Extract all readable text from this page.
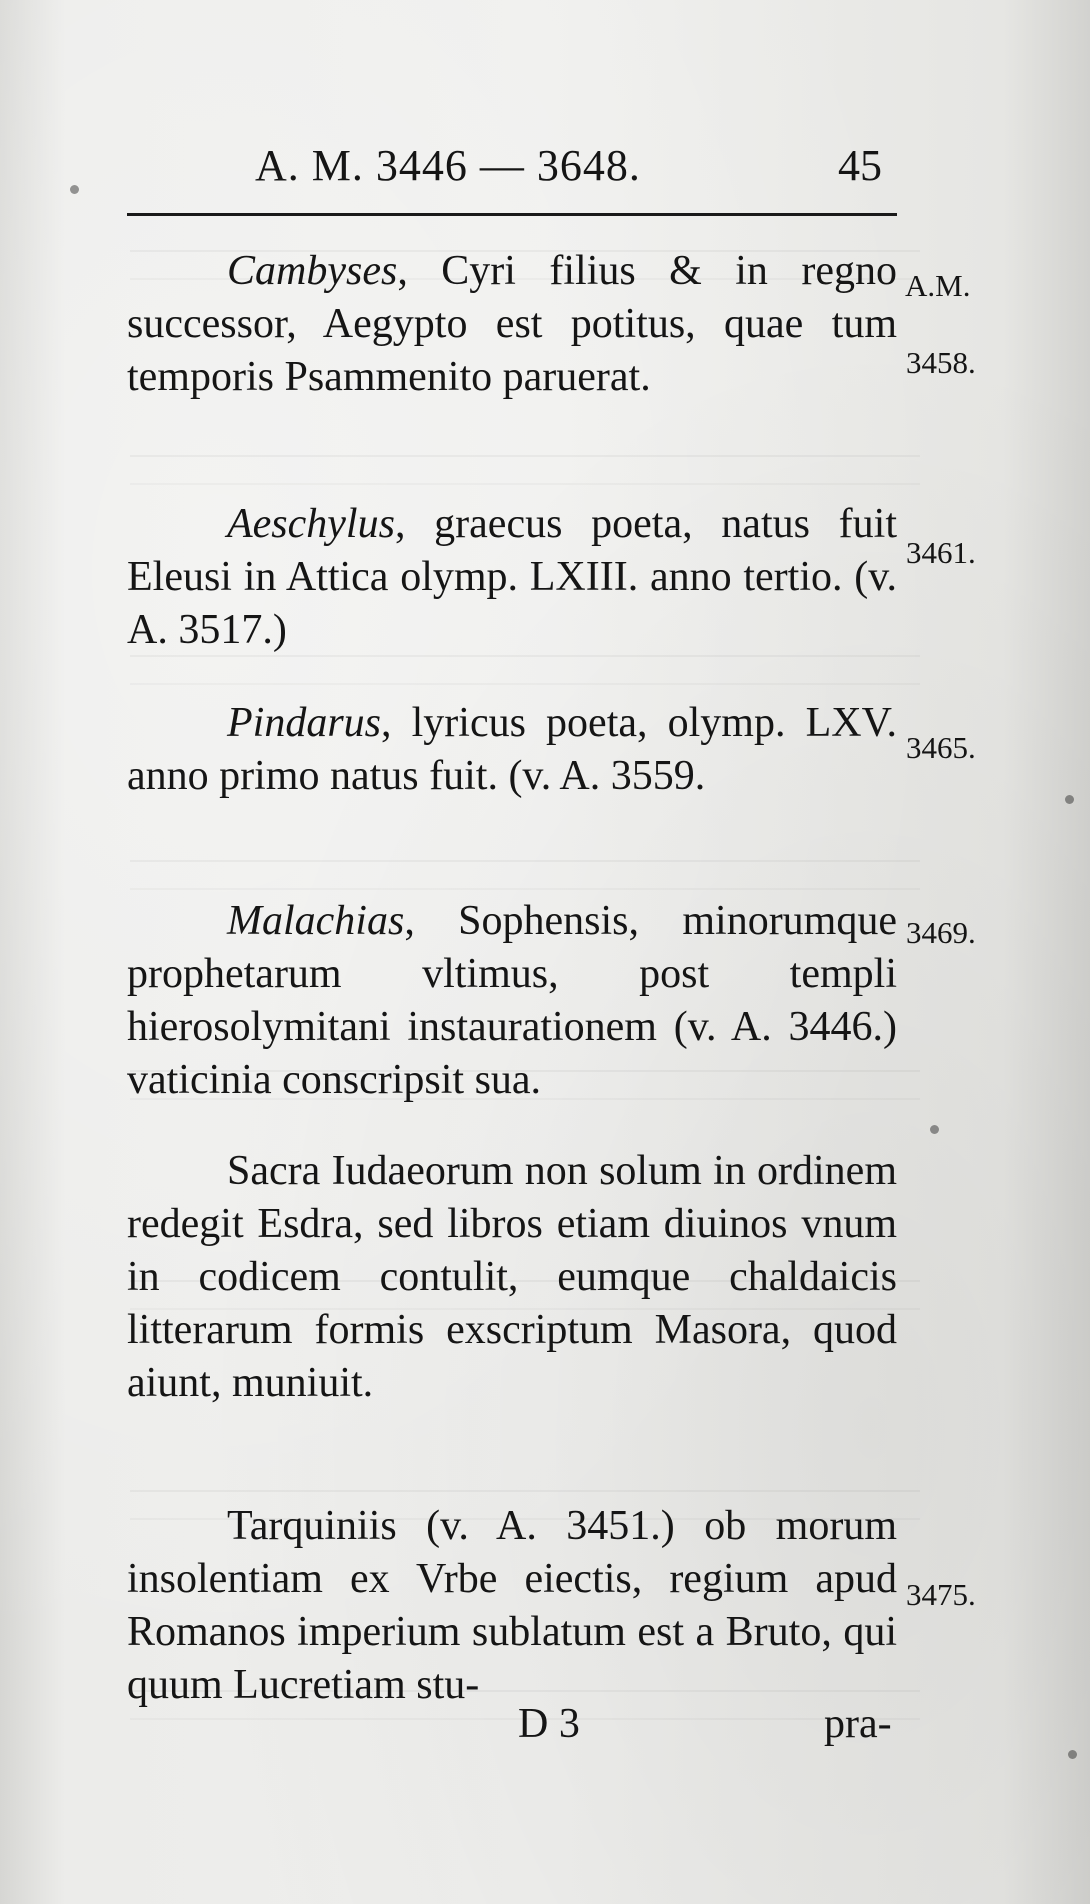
A. M. 3446 — 3648.	45
A.M.
3458.
3461.
3465.
3469.
3475.
Cambyses, Cyri filius & in regno successor, Aegypto est potitus, quae tum temporis Psammenito paruerat.
Aeschylus, graecus poeta, natus fuit Eleusi in Attica olymp. LXIII. anno tertio. (v. A. 3517.)
Pindarus, lyricus poeta, olymp. LXV. anno primo natus fuit. (v. A. 3559.
Malachias, Sophensis, minorumque prophetarum vltimus, post templi hierosolymitani instaurationem (v. A. 3446.) vaticinia conscripsit sua.
Sacra Iudaeorum non solum in ordinem redegit Esdra, sed libros etiam diuinos vnum in codicem contulit, eumque chaldaicis litterarum formis exscriptum Masora, quod aiunt, muniuit.
Tarquiniis (v. A. 3451.) ob morum insolentiam ex Vrbe eiectis, regium apud Romanos imperium sublatum est a Bruto, qui quum Lucretiam stu-
D 3	pra-
